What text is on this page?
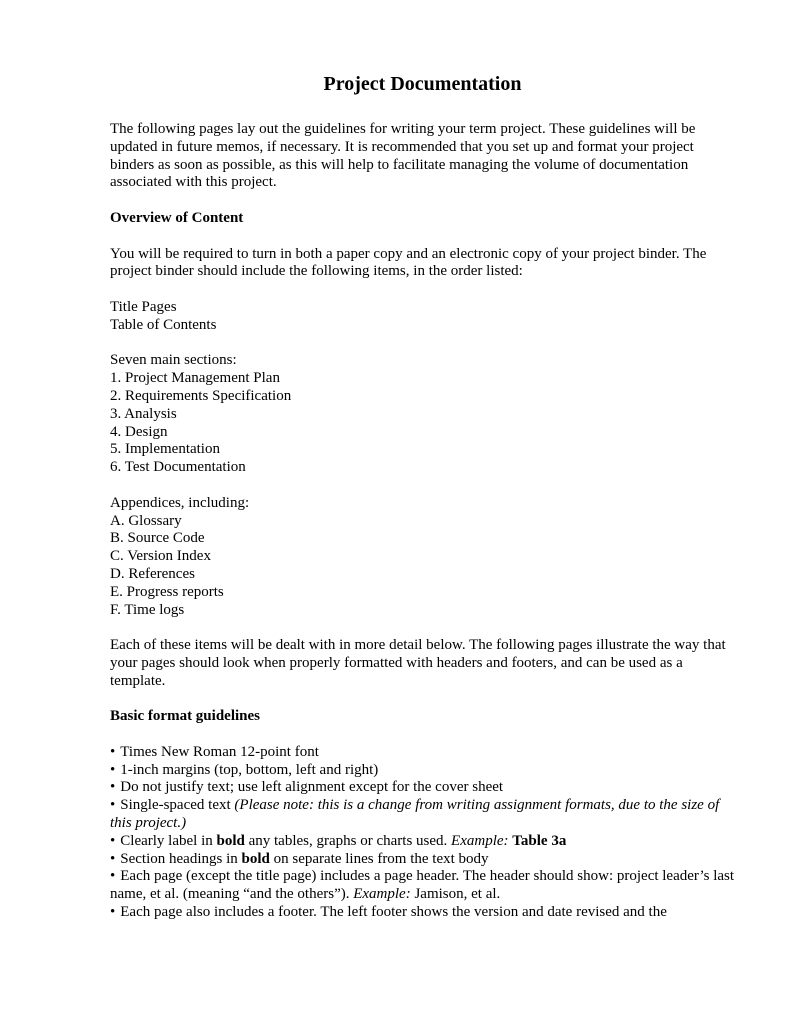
Project Documentation

The following pages lay out the guidelines for writing your term project. These guidelines will be updated in future memos, if necessary. It is recommended that you set up and format your project binders as soon as possible, as this will help to facilitate managing the volume of documentation associated with this project.

Overview of Content

You will be required to turn in both a paper copy and an electronic copy of your project binder. The project binder should include the following items, in the order listed:

Title Pages

Table of Contents

Seven main sections:

1. Project Management Plan

2. Requirements Specification

3. Analysis

4. Design

5. Implementation

6. Test Documentation

Appendices, including:

A. Glossary

B. Source Code

C. Version Index

D. References

E. Progress reports

F. Time logs

Each of these items will be dealt with in more detail below. The following pages illustrate the way that your pages should look when properly formatted with headers and footers, and can be used as a template.

Basic format guidelines

• Times New Roman 12-point font

• 1-inch margins (top, bottom, left and right)

• Do not justify text; use left alignment except for the cover sheet

• Single-spaced text (Please note: this is a change from writing assignment formats, due to the size of this project.)

• Clearly label in bold any tables, graphs or charts used. Example: Table 3a

• Section headings in bold on separate lines from the text body

• Each page (except the title page) includes a page header. The header should show: project leader’s last name, et al. (meaning “and the others”). Example: Jamison, et al.

• Each page also includes a footer. The left footer shows the version and date revised and the
